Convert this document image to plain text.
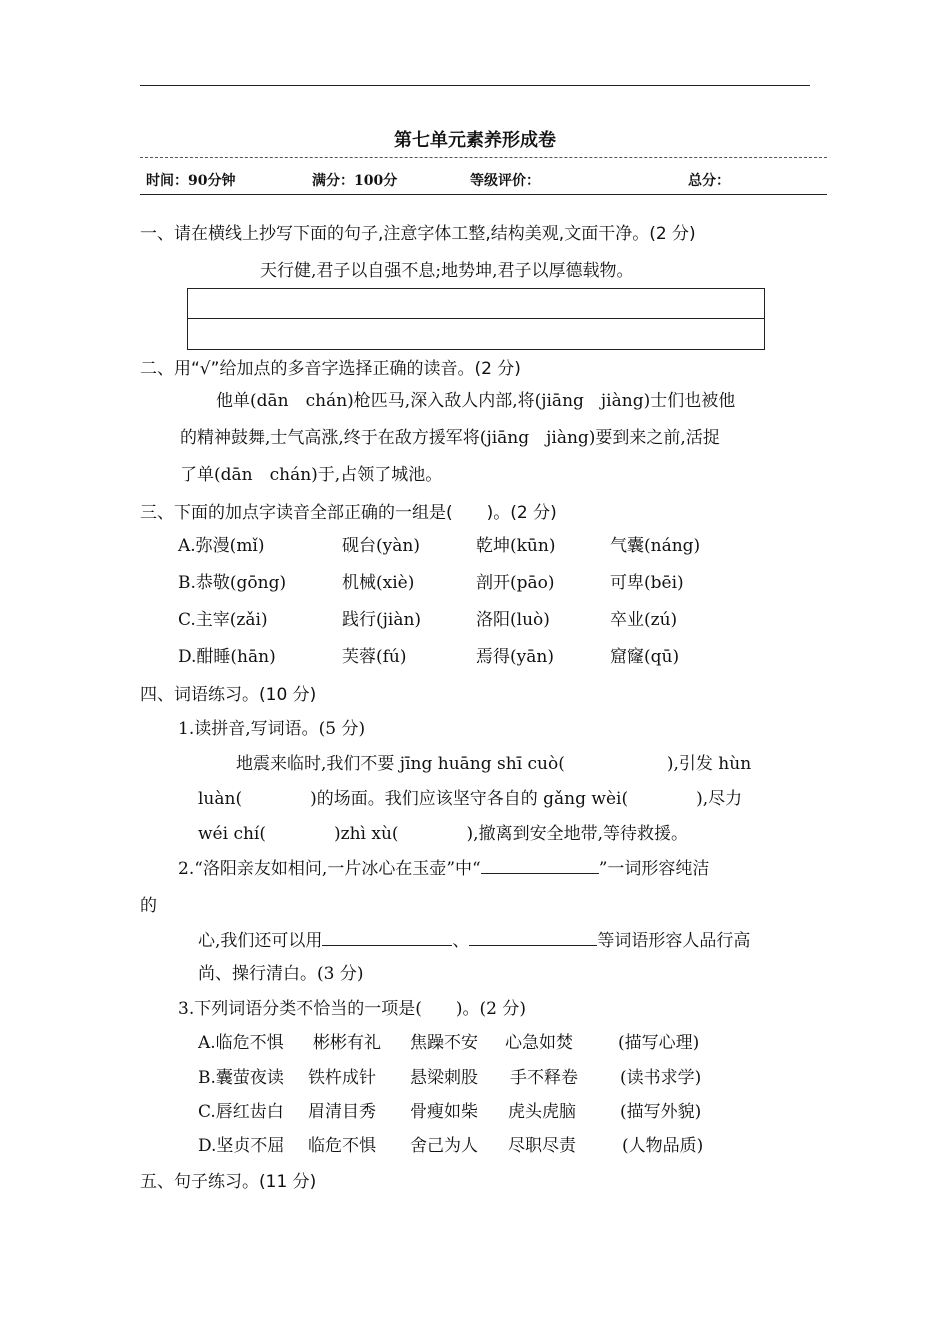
第七单元素养形成卷
时间：90分钟	满分：100分	等级评价：	总分：
一、请在横线上抄写下面的句子,注意字体工整,结构美观,文面干净。(2 分)
天行健,君子以自强不息;地势坤,君子以厚德载物。
二、用“√”给加点的多音字选择正确的读音。(2 分)
他单(dān　chán)枪匹马,深入敌人内部,将(jiāng　jiàng)士们也被他
的精神鼓舞,士气高涨,终于在敌方援军将(jiāng　jiàng)要到来之前,活捉
了单(dān　chán)于,占领了城池。
三、下面的加点字读音全部正确的一组是(　　)。(2 分)
A.弥漫(mǐ)	砚台(yàn)	乾坤(kūn)	气囊(náng)
B.恭敬(gōng)	机械(xiè)	剖开(pāo)	可卑(bēi)
C.主宰(zǎi)	践行(jiàn)	洛阳(luò)	卒业(zú)
D.酣睡(hān)	芙蓉(fú)	焉得(yān)	窟窿(qū)
四、词语练习。(10 分)
1.读拼音,写词语。(5 分)
地震来临时,我们不要 jīng huāng shī cuò(　　　　　　),引发 hùn
luàn(　　　　)的场面。我们应该坚守各自的 gǎng wèi(　　　　),尽力
wéi chí(　　　　)zhì xù(　　　　),撤离到安全地带,等待救援。
2.“洛阳亲友如相问,一片冰心在玉壶”中“	”一词形容纯洁
的
心,我们还可以用	、	等词语形容人品行高
尚、操行清白。(3 分)
3.下列词语分类不恰当的一项是(　　)。(2 分)
A.临危不惧 彬彬有礼 焦躁不安 心急如焚	(描写心理)
B.囊萤夜读 铁杵成针 悬梁刺股 手不释卷 (读书求学)
C.唇红齿白 眉清目秀 骨瘦如柴 虎头虎脑	(描写外貌)
D.坚贞不屈 临危不惧 舍己为人 尽职尽责	(人物品质)
五、句子练习。(11 分)
